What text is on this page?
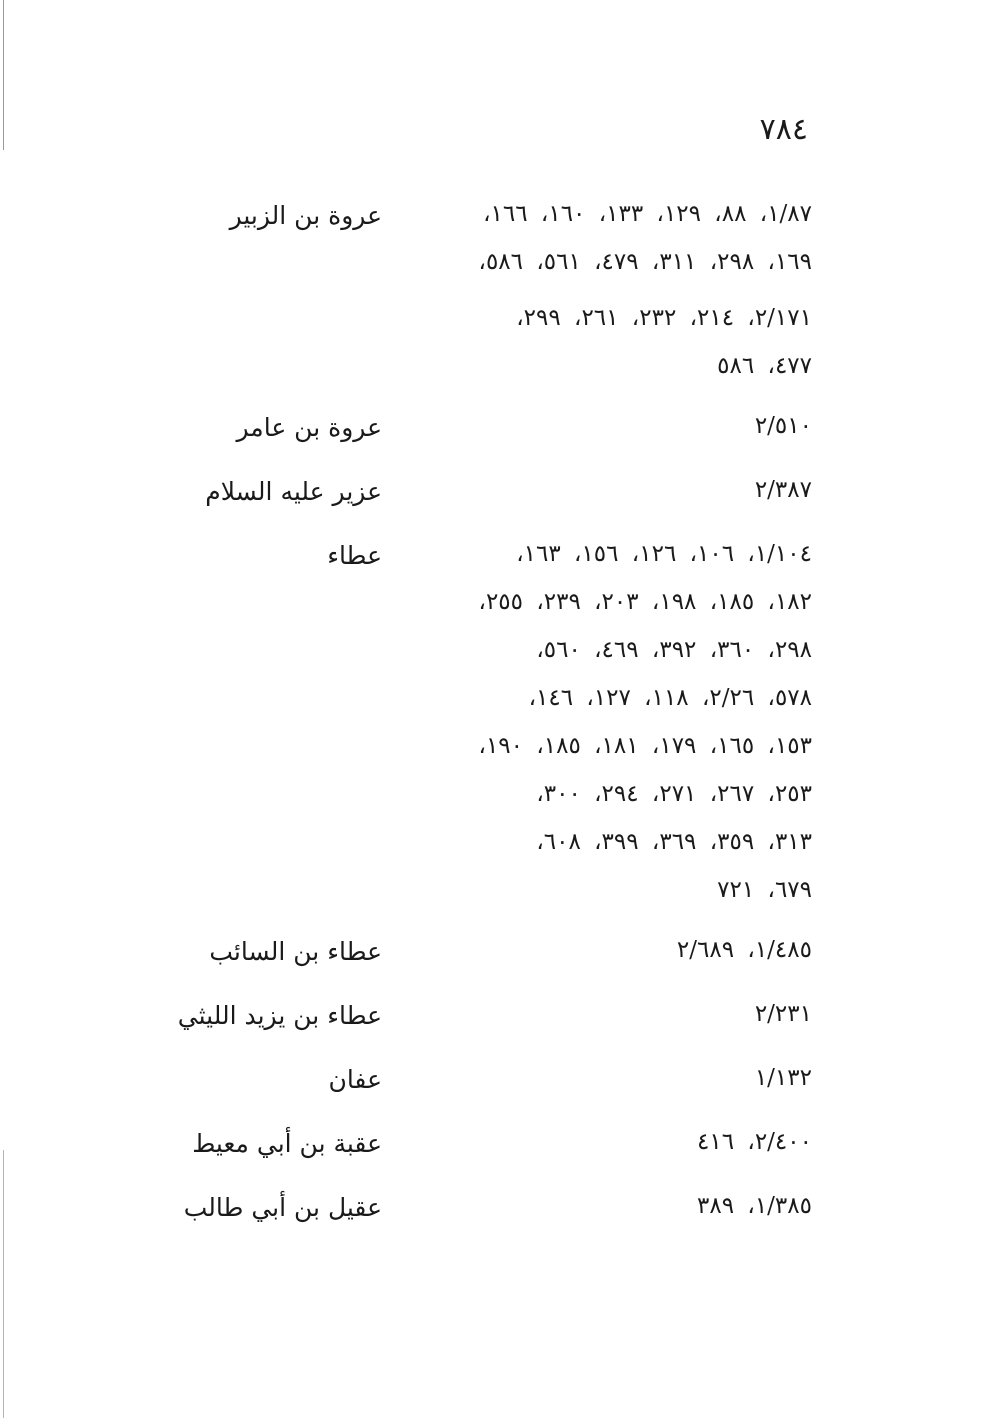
٧٨٤
عروة بن الزبير	١/٨٧، ٨٨، ١٢٩، ١٣٣، ١٦٠، ١٦٦،
١٦٩، ٢٩٨، ٣١١، ٤٧٩، ٥٦١، ٥٨٦،
٢/١٧١، ٢١٤، ٢٣٢، ٢٦١، ٢٩٩،
٤٧٧، ٥٨٦
عروة بن عامر	٢/٥١٠
عزير عليه السلام	٢/٣٨٧
عطاء	١/١٠٤، ١٠٦، ١٢٦، ١٥٦، ١٦٣،
١٨٢، ١٨٥، ١٩٨، ٢٠٣، ٢٣٩، ٢٥٥،
٢٩٨، ٣٦٠، ٣٩٢، ٤٦٩، ٥٦٠،
٥٧٨، ٢/٢٦، ١١٨، ١٢٧، ١٤٦،
١٥٣، ١٦٥، ١٧٩، ١٨١، ١٨٥، ١٩٠،
٢٥٣، ٢٦٧، ٢٧١، ٢٩٤، ٣٠٠،
٣١٣، ٣٥٩، ٣٦٩، ٣٩٩، ٦٠٨،
٦٧٩، ٧٢١
عطاء بن السائب	١/٤٨٥، ٢/٦٨٩
عطاء بن يزيد الليثي	٢/٢٣١
عفان	١/١٣٢
عقبة بن أبي معيط	٢/٤٠٠، ٤١٦
عقيل بن أبي طالب	١/٣٨٥، ٣٨٩
